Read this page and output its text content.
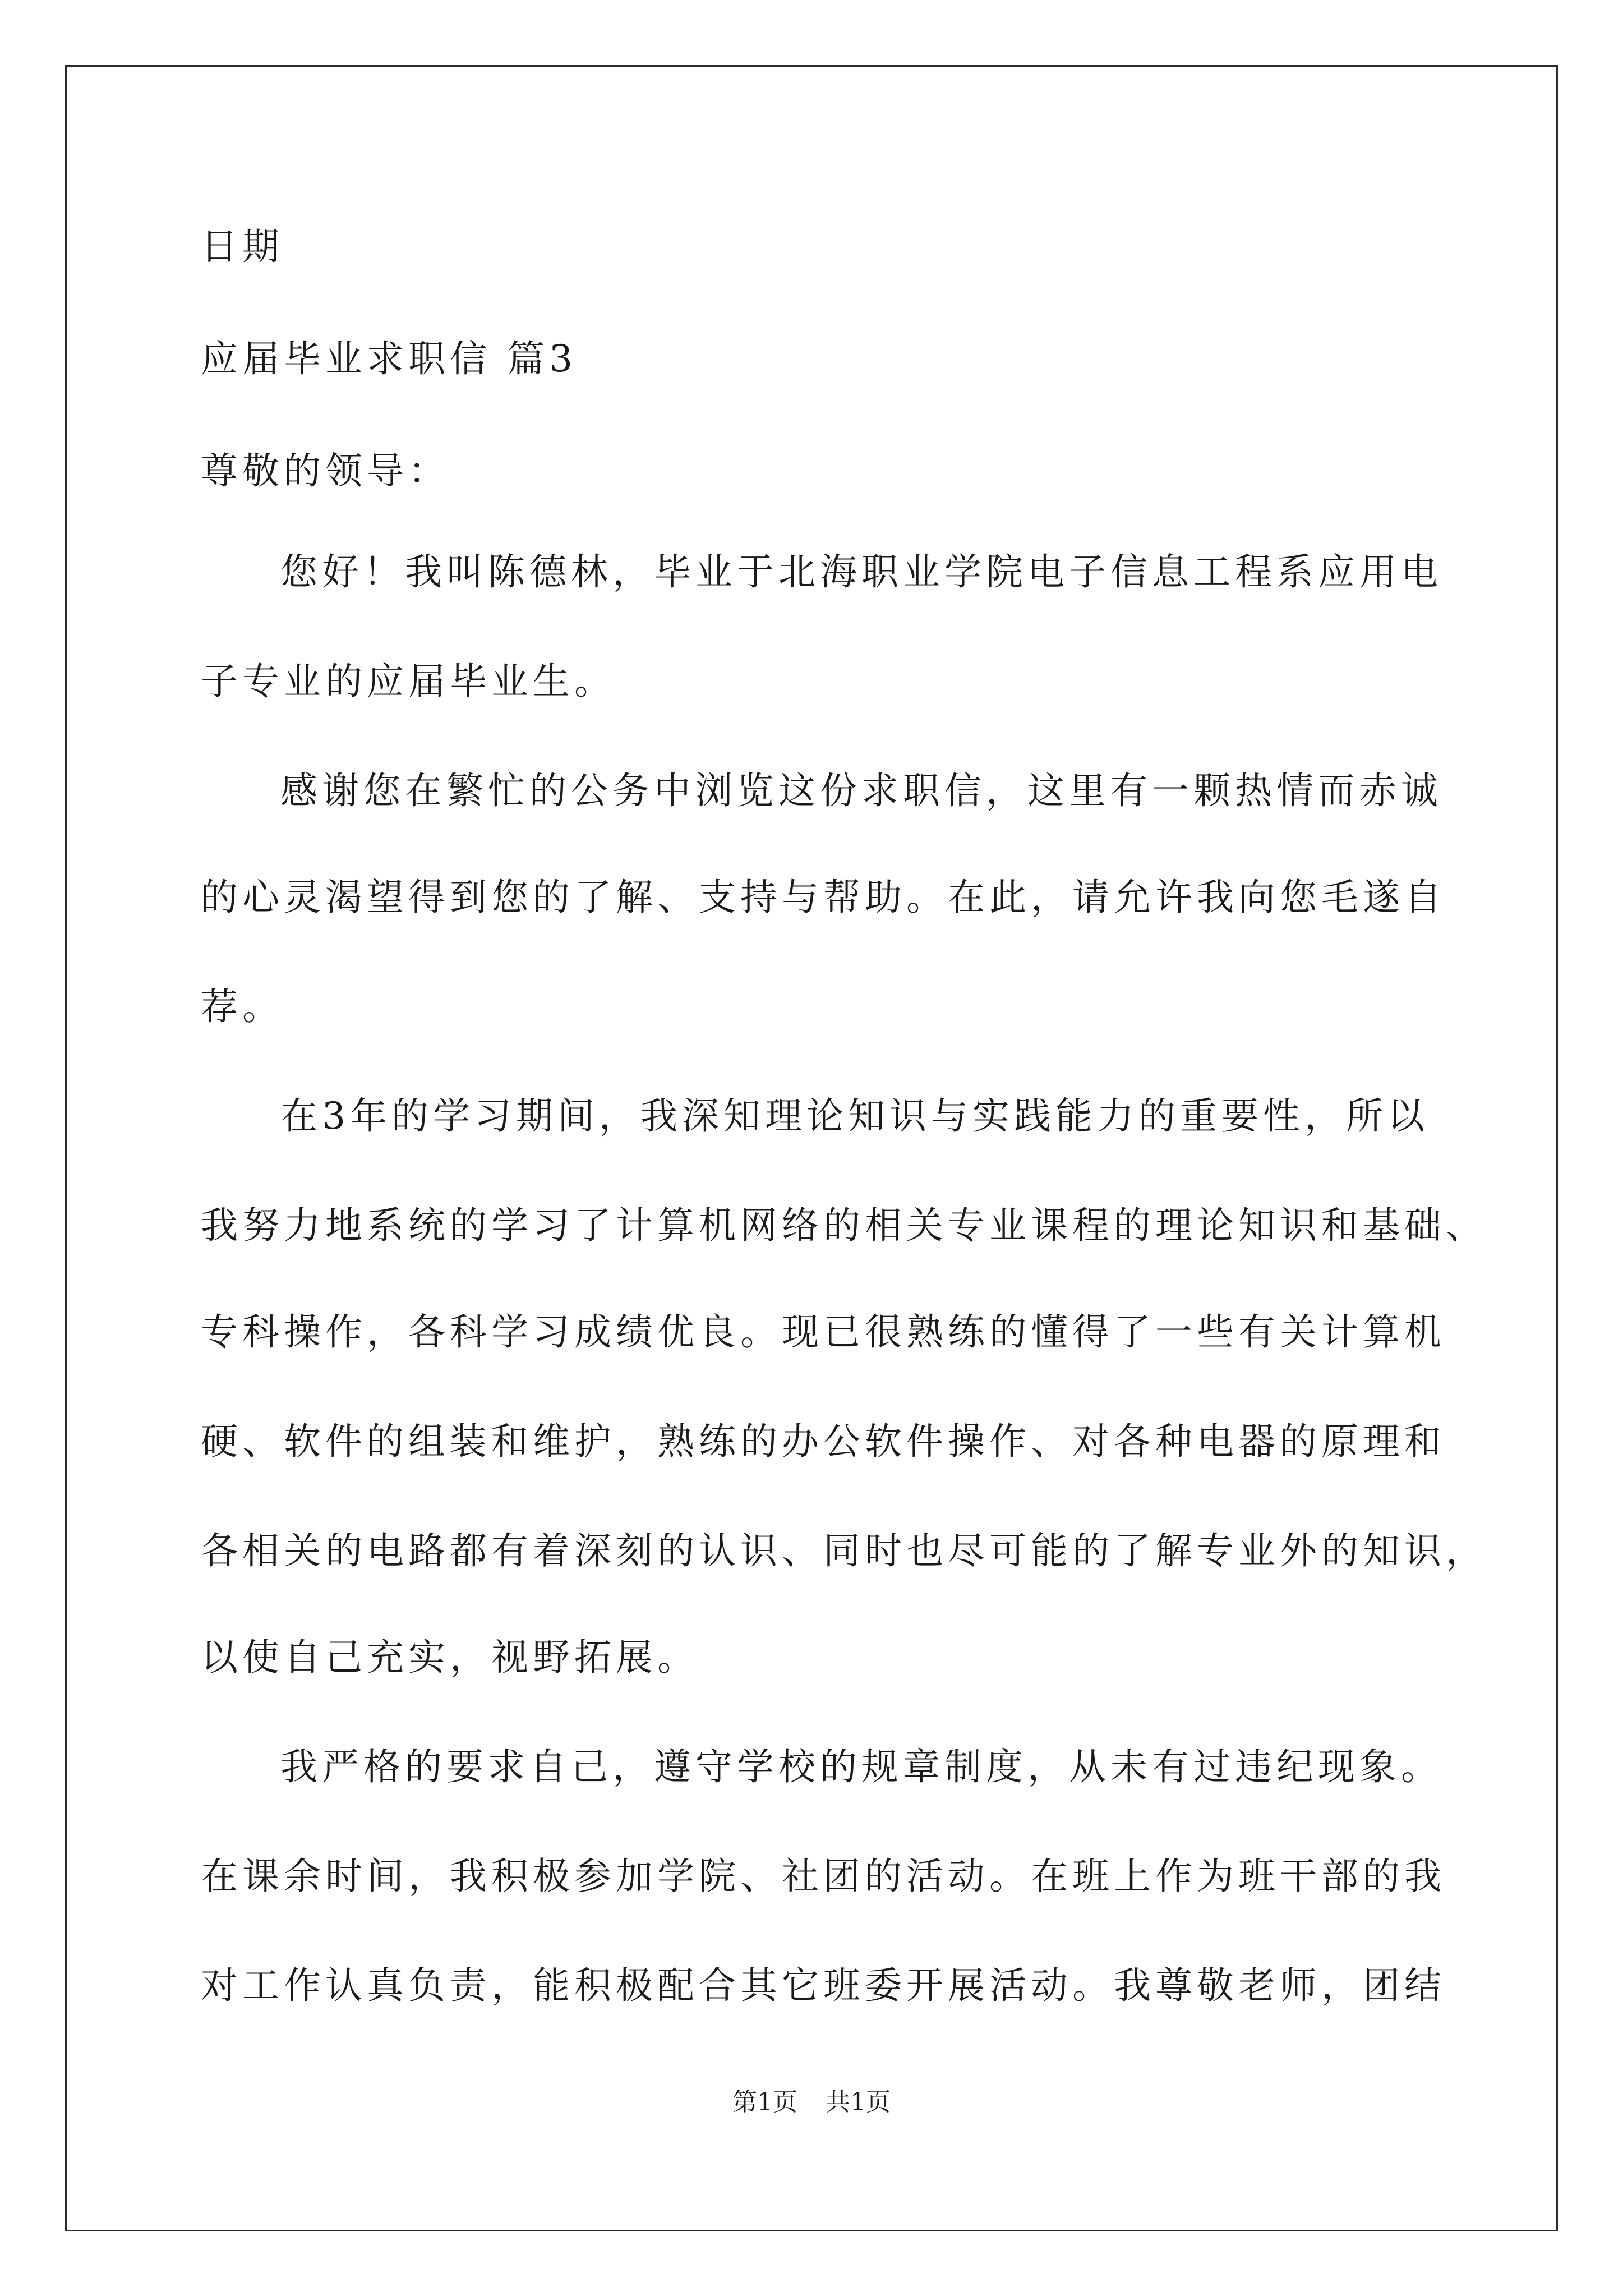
日期
应届毕业求职信 篇3
尊敬的领导：
您好！我叫陈德林，毕业于北海职业学院电子信息工程系应用电
子专业的应届毕业生。
感谢您在繁忙的公务中浏览这份求职信，这里有一颗热情而赤诚
的心灵渴望得到您的了解、支持与帮助。在此，请允许我向您毛遂自
荐。
在3年的学习期间，我深知理论知识与实践能力的重要性，所以
我努力地系统的学习了计算机网络的相关专业课程的理论知识和基础、
专科操作，各科学习成绩优良。现已很熟练的懂得了一些有关计算机
硬、软件的组装和维护，熟练的办公软件操作、对各种电器的原理和
各相关的电路都有着深刻的认识、同时也尽可能的了解专业外的知识，
以使自己充实，视野拓展。
我严格的要求自己，遵守学校的规章制度，从未有过违纪现象。
在课余时间，我积极参加学院、社团的活动。在班上作为班干部的我
对工作认真负责，能积极配合其它班委开展活动。我尊敬老师，团结
第1页 共1页
